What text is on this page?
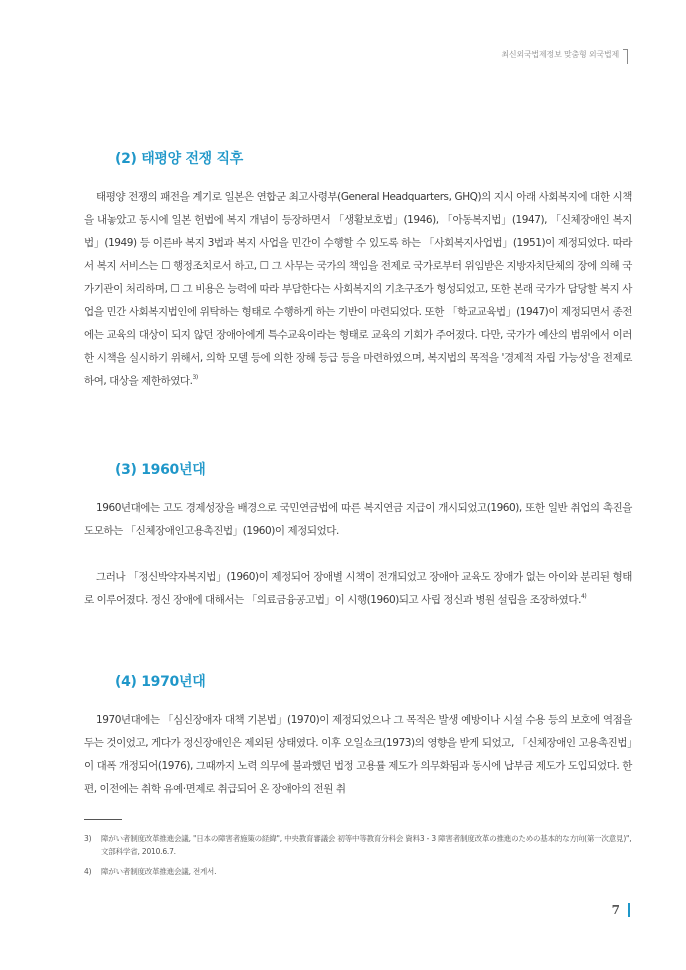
최신외국법제정보 맞춤형 외국법제
(2) 태평양 전쟁 직후

태평양 전쟁의 패전을 계기로 일본은 연합군 최고사령부(General Headquarters, GHQ)의 지시 아래 사회복지에 대한 시책을 내놓았고 동시에 일본 헌법에 복지 개념이 등장하면서 「생활보호법」(1946), 「아동복지법」(1947), 「신체장애인 복지법」(1949) 등 이른바 복지 3법과 복지 사업을 민간이 수행할 수 있도록 하는 「사회복지사업법」(1951)이 제정되었다. 따라서 복지 서비스는 ☐ 행정조치로서 하고, ☐ 그 사무는 국가의 책임을 전제로 국가로부터 위임받은 지방자치단체의 장에 의해 국가기관이 처리하며, ☐ 그 비용은 능력에 따라 부담한다는 사회복지의 기초구조가 형성되었고, 또한 본래 국가가 담당할 복지 사업을 민간 사회복지법인에 위탁하는 형태로 수행하게 하는 기반이 마련되었다. 또한 「학교교육법」(1947)이 제정되면서 종전에는 교육의 대상이 되지 않던 장애아에게 특수교육이라는 형태로 교육의 기회가 주어졌다. 다만, 국가가 예산의 범위에서 이러한 시책을 실시하기 위해서, 의학 모델 등에 의한 장해 등급 등을 마련하였으며, 복지법의 목적을 '경제적 자립 가능성'을 전제로 하여, 대상을 제한하였다.$^{3)}$

(3) 1960년대

1960년대에는 고도 경제성장을 배경으로 국민연금법에 따른 복지연금 지급이 개시되었고(1960), 또한 일반 취업의 촉진을 도모하는 「신체장애인고용촉진법」(1960)이 제정되었다.

그러나 「정신박약자복지법」(1960)이 제정되어 장애별 시책이 전개되었고 장애아 교육도 장애가 없는 아이와 분리된 형태로 이루어졌다. 정신 장애에 대해서는 「의료금융공고법」이 시행(1960)되고 사립 정신과 병원 설립을 조장하였다.$^{4)}$

(4) 1970년대

1970년대에는 「심신장애자 대책 기본법」(1970)이 제정되었으나 그 목적은 발생 예방이나 시설 수용 등의 보호에 역점을 두는 것이었고, 게다가 정신장애인은 제외된 상태였다. 이후 오일쇼크(1973)의 영향을 받게 되었고, 「신체장애인 고용촉진법」이 대폭 개정되어(1976), 그때까지 노력 의무에 불과했던 법정 고용률 제도가 의무화됨과 동시에 납부금 제도가 도입되었다. 한편, 이전에는 취학 유예·면제로 취급되어 온 장애아의 전원 취

3)	障がい者制度改革推進会議, "日本の障害者施策の経緯", 中央教育審議会 初等中等教育分科会 資料3 - 3 障害者制度改革の推進のための基本的な方向(第一次意見)", 文部科学省, 2010.6.7.
4)	障がい者制度改革推進会議, 전게서.
7
